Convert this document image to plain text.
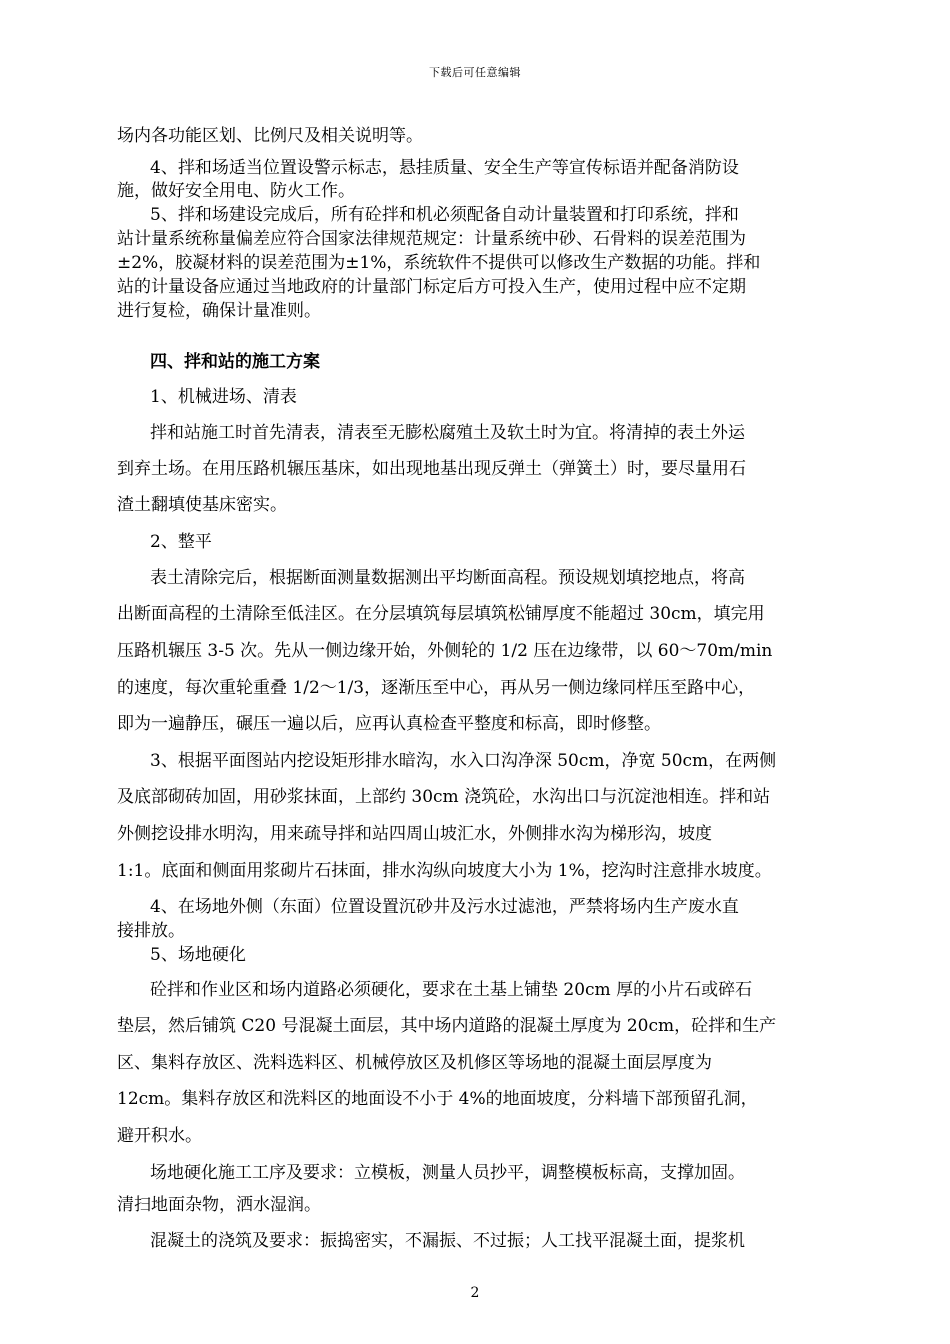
下载后可任意编辑
场内各功能区划、比例尺及相关说明等。
4、拌和场适当位置设警示标志，悬挂质量、安全生产等宣传标语并配备消防设
施，做好安全用电、防火工作。
5、拌和场建设完成后，所有砼拌和机必须配备自动计量装置和打印系统，拌和
站计量系统称量偏差应符合国家法律规范规定：计量系统中砂、石骨料的误差范围为
±2%，胶凝材料的误差范围为±1%，系统软件不提供可以修改生产数据的功能。拌和
站的计量设备应通过当地政府的计量部门标定后方可投入生产，使用过程中应不定期
进行复检，确保计量准则。
四、拌和站的施工方案
1、机械进场、清表
拌和站施工时首先清表，清表至无膨松腐殖土及软土时为宜。将清掉的表土外运
到弃土场。在用压路机辗压基床，如出现地基出现反弹土（弹簧土）时，要尽量用石
渣土翻填使基床密实。
2、整平
表土清除完后，根据断面测量数据测出平均断面高程。预设规划填挖地点，将高
出断面高程的土清除至低洼区。在分层填筑每层填筑松铺厚度不能超过 30cm，填完用
压路机辗压 3-5 次。先从一侧边缘开始，外侧轮的 1/2 压在边缘带，以 60～70m/min
的速度，每次重轮重叠 1/2～1/3，逐渐压至中心，再从另一侧边缘同样压至路中心，
即为一遍静压，碾压一遍以后，应再认真检查平整度和标高，即时修整。
3、根据平面图站内挖设矩形排水暗沟，水入口沟净深 50cm，净宽 50cm，在两侧
及底部砌砖加固，用砂浆抹面，上部约 30cm 浇筑砼，水沟出口与沉淀池相连。拌和站
外侧挖设排水明沟，用来疏导拌和站四周山坡汇水，外侧排水沟为梯形沟，坡度
1:1。底面和侧面用浆砌片石抹面，排水沟纵向坡度大小为 1%，挖沟时注意排水坡度。
4、在场地外侧（东面）位置设置沉砂井及污水过滤池，严禁将场内生产废水直
接排放。
5、场地硬化
砼拌和作业区和场内道路必须硬化，要求在土基上铺垫 20cm 厚的小片石或碎石
垫层，然后铺筑 C20 号混凝土面层，其中场内道路的混凝土厚度为 20cm，砼拌和生产
区、集料存放区、洗料选料区、机械停放区及机修区等场地的混凝土面层厚度为
12cm。集料存放区和洗料区的地面设不小于 4%的地面坡度，分料墙下部预留孔洞，
避开积水。
场地硬化施工工序及要求：立模板，测量人员抄平，调整模板标高，支撑加固。
清扫地面杂物，洒水湿润。
混凝土的浇筑及要求：振捣密实，不漏振、不过振；人工找平混凝土面，提浆机
2
